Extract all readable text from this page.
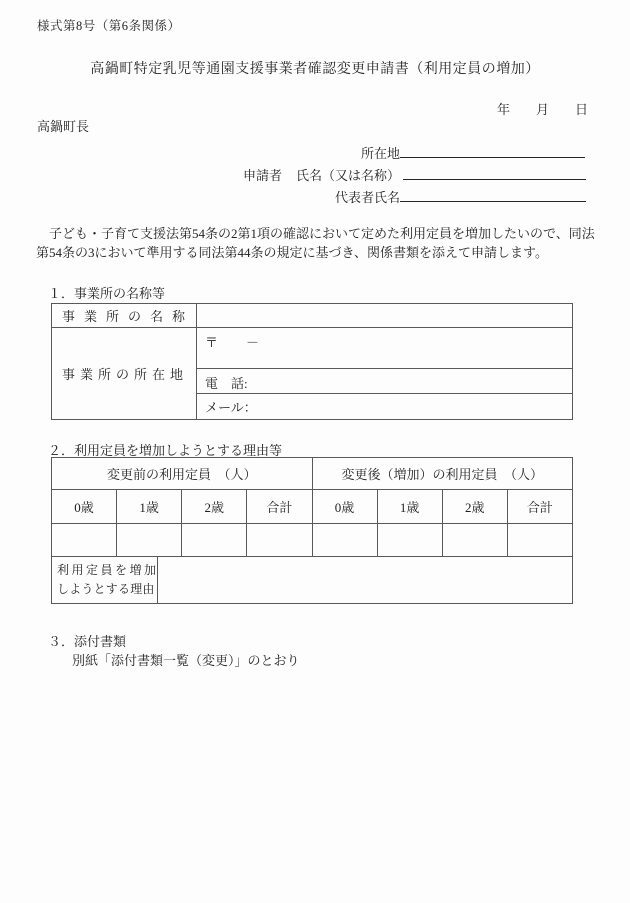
様式第8号（第6条関係）
高鍋町特定乳児等通園支援事業者確認変更申請書（利用定員の増加）
年　　月　　日
高鍋町長
所在地
申請者 氏名（又は名称）
代表者氏名
　子ども・子育て支援法第54条の2第1項の確認において定めた利用定員を増加したいので、同法
第54条の3において準用する同法第44条の規定に基づき、関係書類を添えて申請します。
１．事業所の名称等
事業所の名称
事業所の所在地
〒 －
電　話:
メール：
２．利用定員を増加しようとする理由等
変更前の利用定員　（人）	変更後（増加）の利用定員　（人）
0歳	1歳	2歳	合計	0歳	1歳	2歳	合計
利用定員を増加
しようとする理由
３．添付書類
別紙「添付書類一覧（変更）」のとおり
